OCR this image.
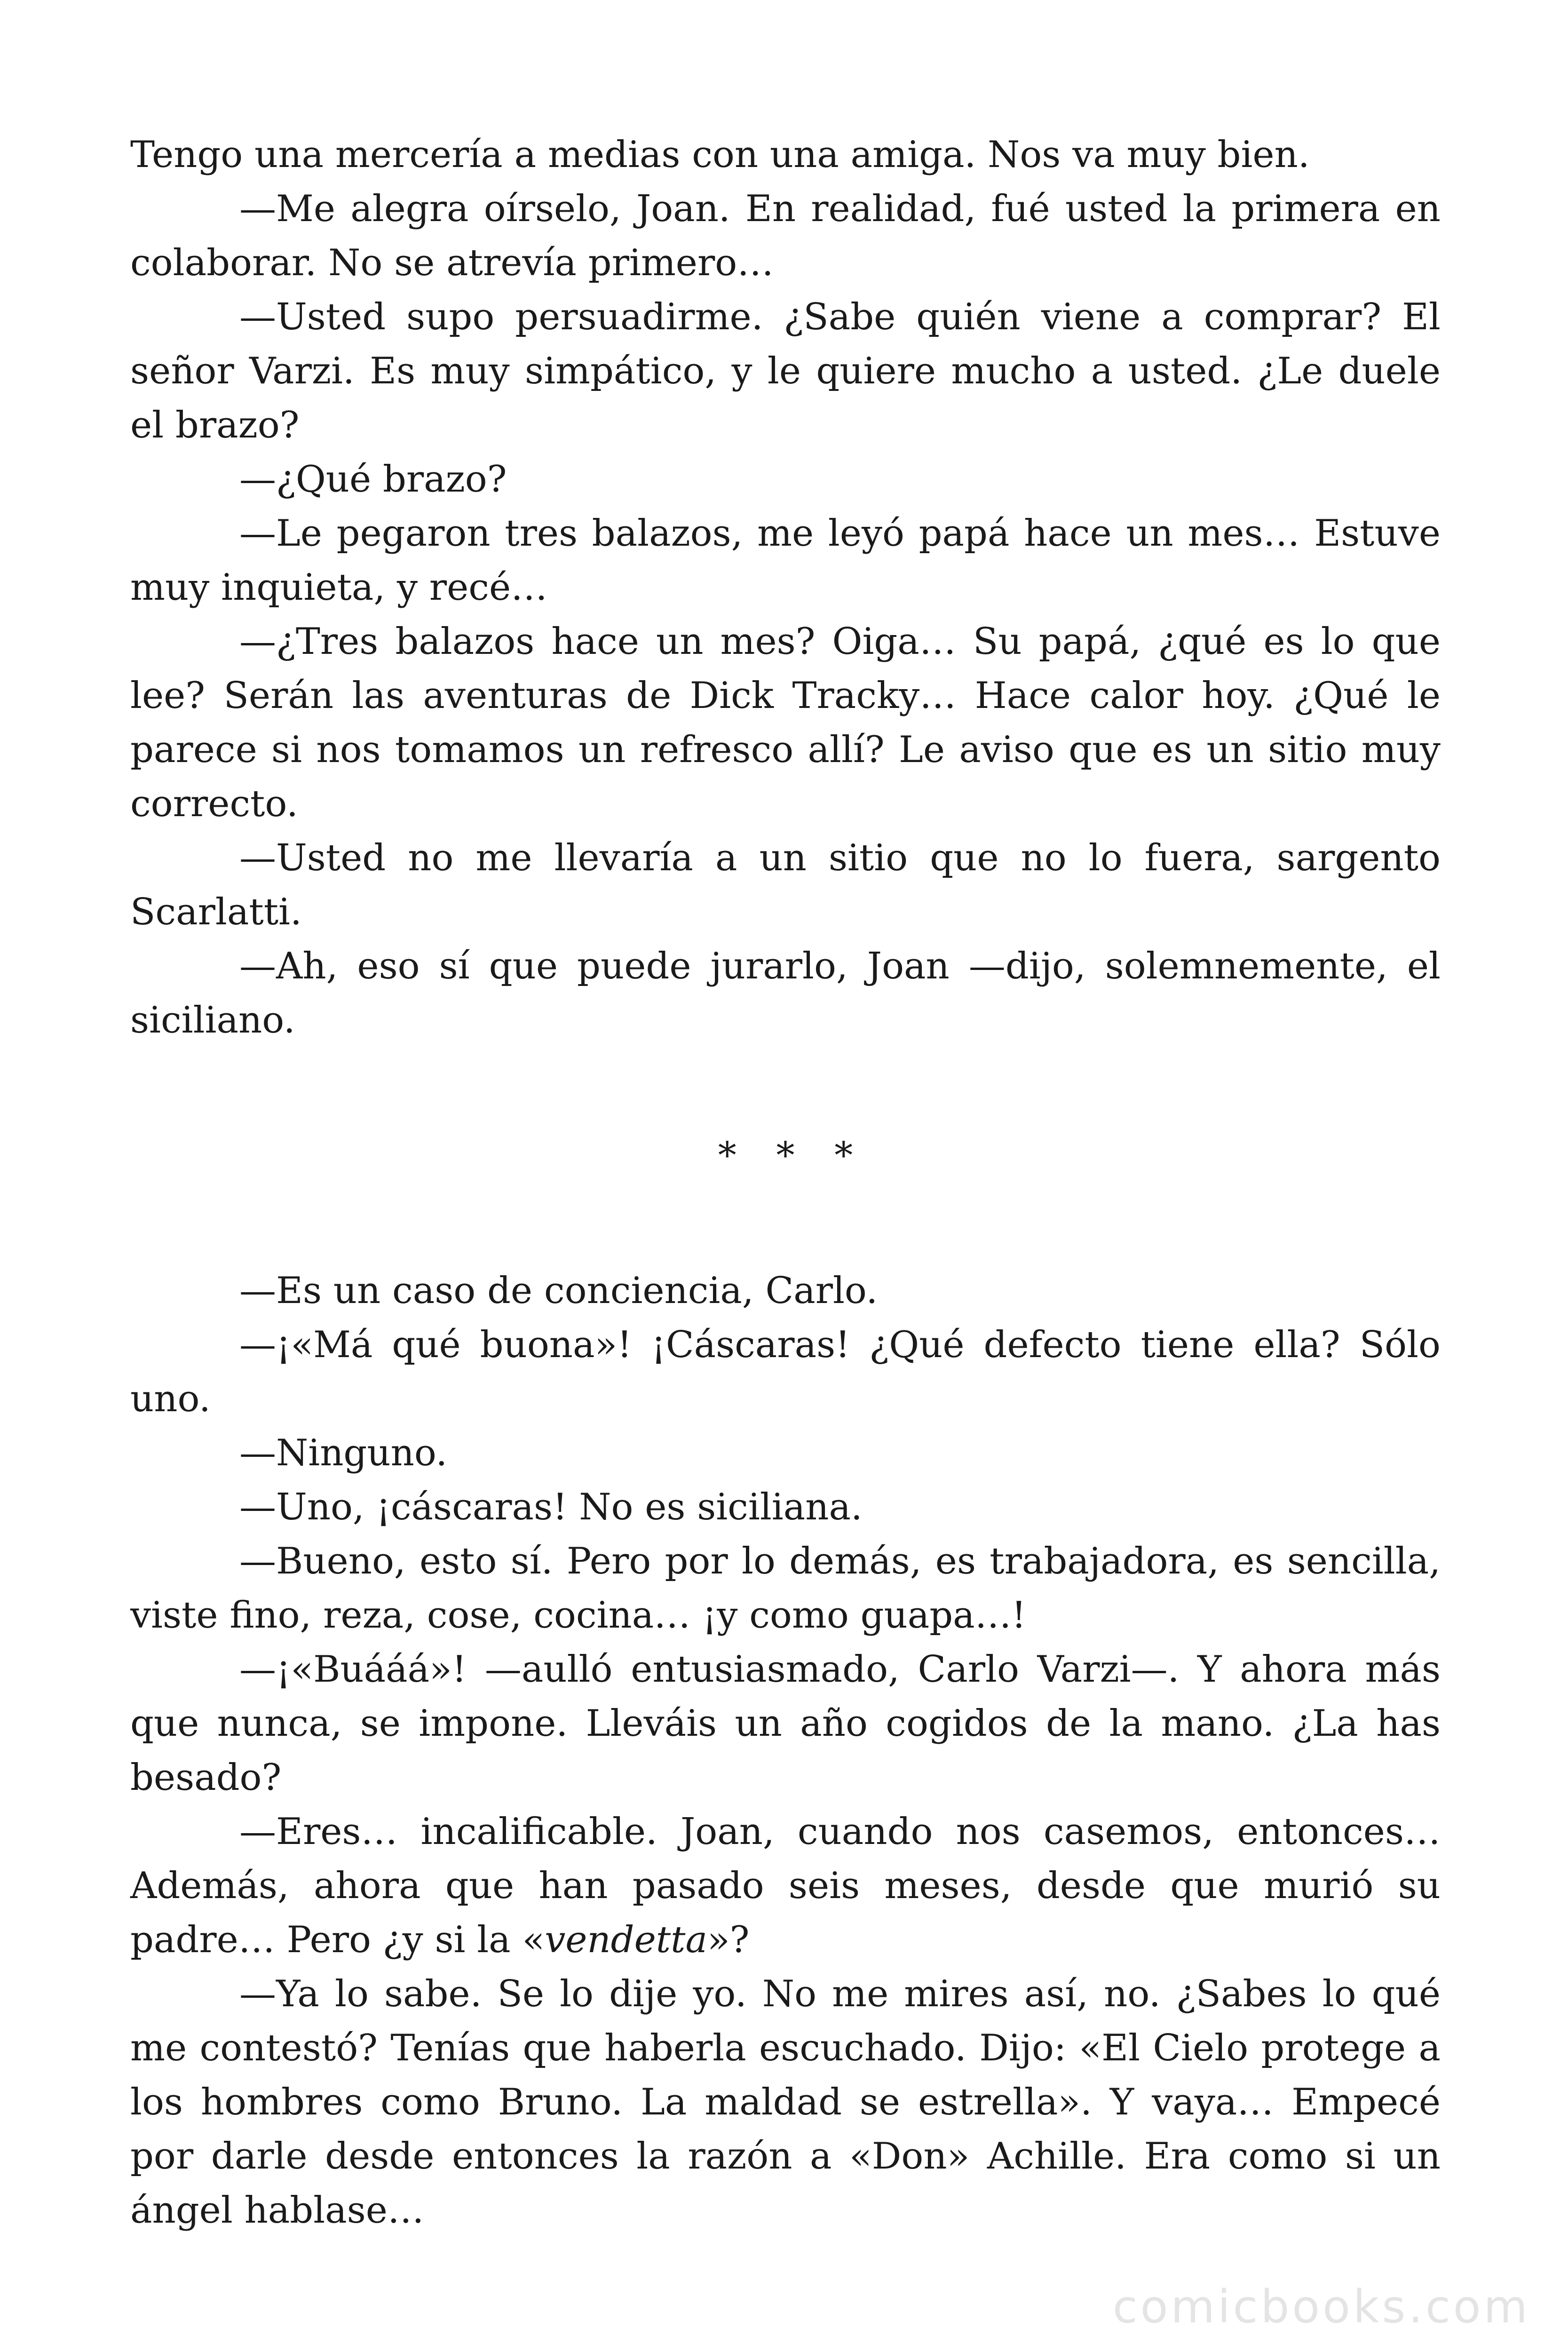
Tengo una mercería a medias con una amiga. Nos va muy bien.

—Me alegra oírselo, Joan. En realidad, fué usted la primera en colaborar. No se atrevía primero…

—Usted supo persuadirme. ¿Sabe quién viene a comprar? El señor Varzi. Es muy simpático, y le quiere mucho a usted. ¿Le duele el brazo?

—¿Qué brazo?

—Le pegaron tres balazos, me leyó papá hace un mes… Estuve muy inquieta, y recé…

—¿Tres balazos hace un mes? Oiga… Su papá, ¿qué es lo que lee? Serán las aventuras de Dick Tracky… Hace calor hoy. ¿Qué le parece si nos tomamos un refresco allí? Le aviso que es un sitio muy correcto.

—Usted no me llevaría a un sitio que no lo fuera, sargento Scarlatti.

—Ah, eso sí que puede jurarlo, Joan —dijo, solemnemente, el siciliano.

* * *

—Es un caso de conciencia, Carlo.

—¡«Má qué buona»! ¡Cáscaras! ¿Qué defecto tiene ella? Sólo uno.

—Ninguno.

—Uno, ¡cáscaras! No es siciliana.

—Bueno, esto sí. Pero por lo demás, es trabajadora, es sencilla, viste fino, reza, cose, cocina… ¡y como guapa…!

—¡«Buááá»! —aulló entusiasmado, Carlo Varzi—. Y ahora más que nunca, se impone. Lleváis un año cogidos de la mano. ¿La has besado?

—Eres… incalificable. Joan, cuando nos casemos, entonces… Además, ahora que han pasado seis meses, desde que murió su padre… Pero ¿y si la «vendetta»?

—Ya lo sabe. Se lo dije yo. No me mires así, no. ¿Sabes lo qué me contestó? Tenías que haberla escuchado. Dijo: «El Cielo protege a los hombres como Bruno. La maldad se estrella». Y vaya… Empecé por darle desde entonces la razón a «Don» Achille. Era como si un ángel hablase…

comicbooks.com
